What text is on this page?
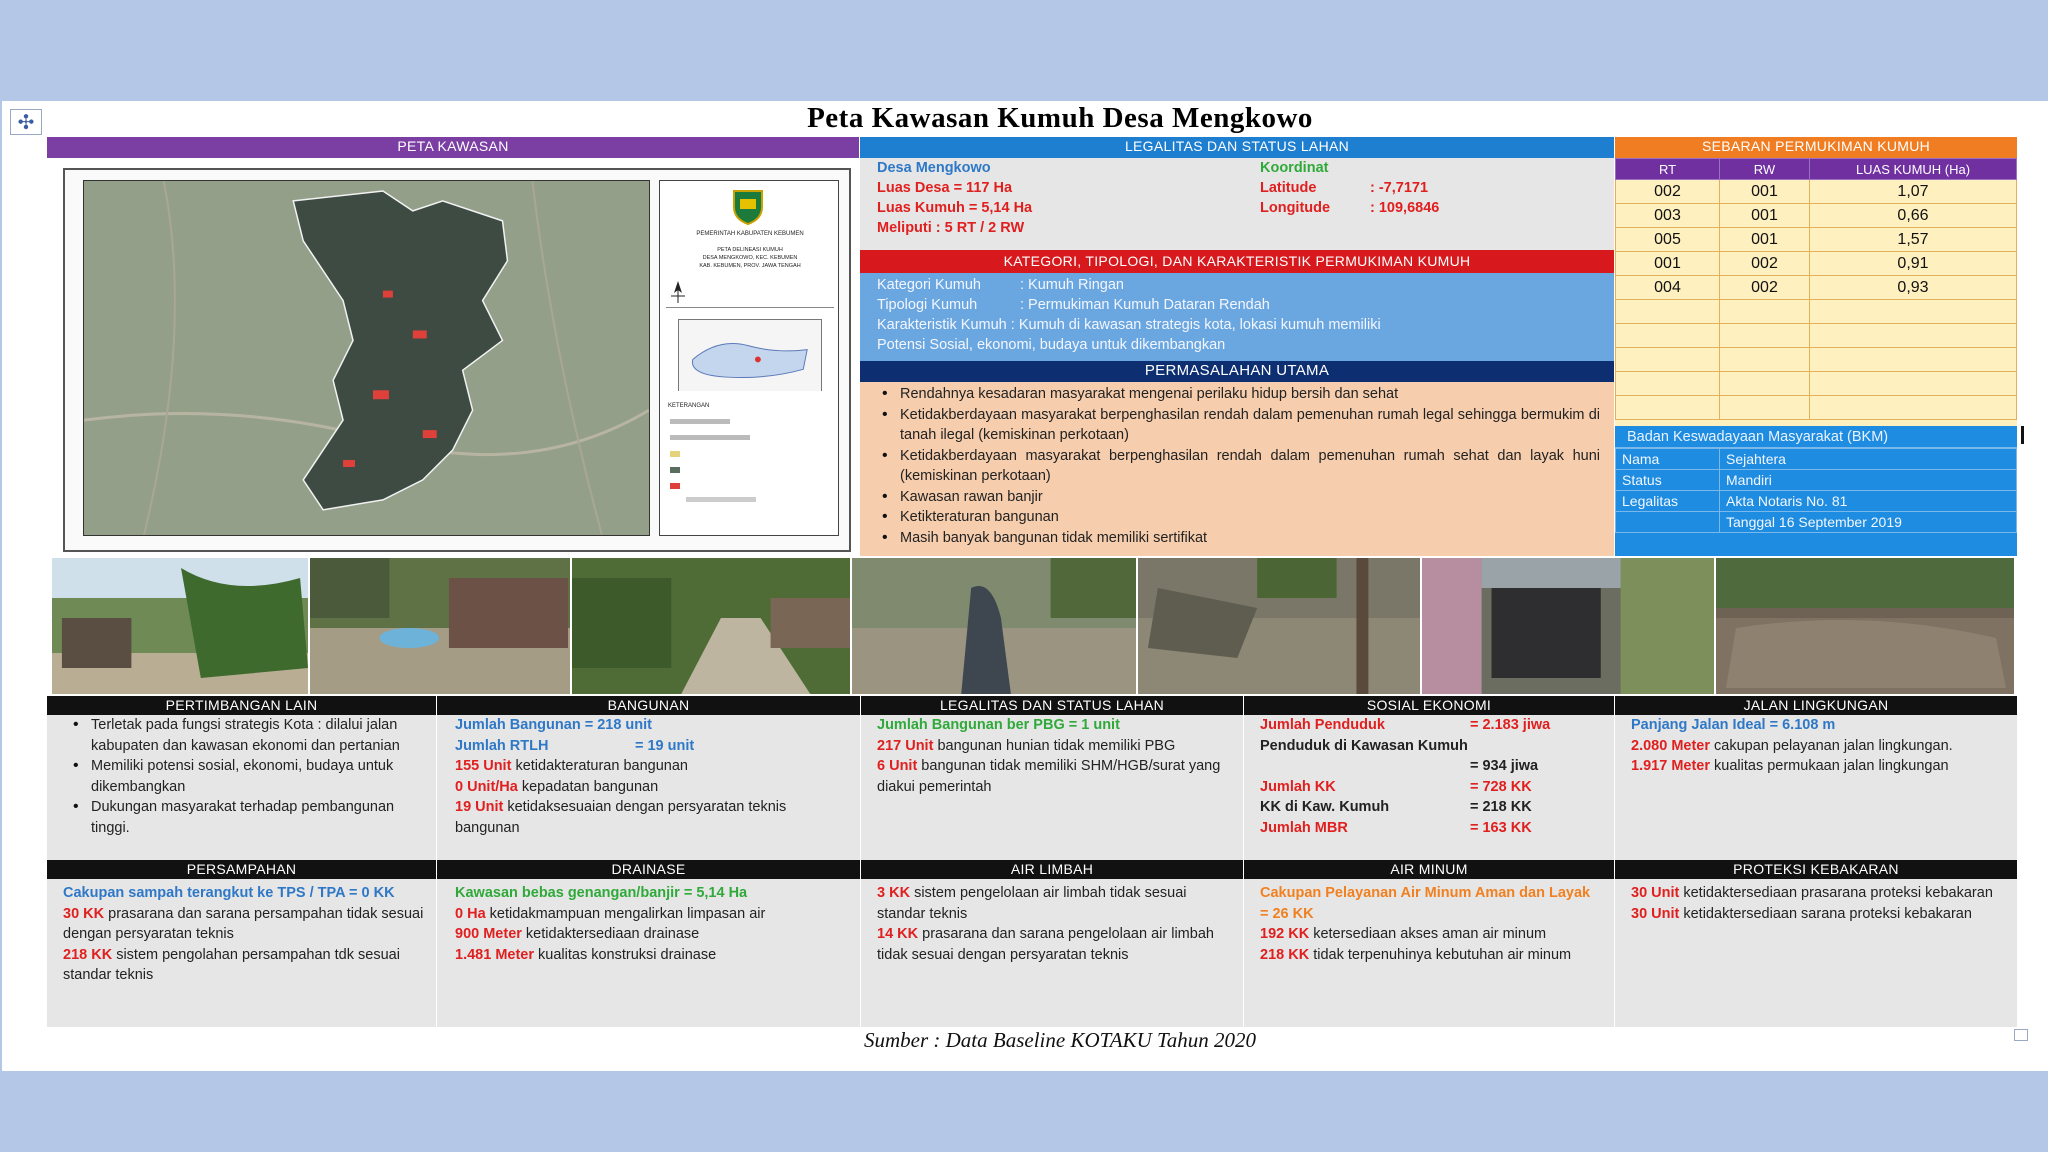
✣	Peta Kawasan Kumuh Desa Mengkowo
PETA KAWASAN
PEMERINTAH KABUPATEN KEBUMEN
PETA DELINEASI KUMUH
DESA MENGKOWO, KEC. KEBUMEN
KAB. KEBUMEN, PROV. JAWA TENGAH
KETERANGAN
LEGALITAS DAN STATUS LAHAN
Desa Mengkowo
Luas Desa = 117 Ha
Luas Kumuh = 5,14 Ha
Meliputi : 5 RT / 2 RW
Koordinat
Latitude	: -7,7171
Longitude	: 109,6846
KATEGORI, TIPOLOGI, DAN KARAKTERISTIK PERMUKIMAN KUMUH
Kategori Kumuh	: Kumuh Ringan
Tipologi Kumuh	: Permukiman Kumuh Dataran Rendah
Karakteristik Kumuh : Kumuh di kawasan strategis kota, lokasi kumuh memiliki
Potensi Sosial, ekonomi, budaya untuk dikembangkan
PERMASALAHAN UTAMA
• Rendahnya kesadaran masyarakat mengenai perilaku hidup bersih dan sehat
• Ketidakberdayaan masyarakat berpenghasilan rendah dalam pemenuhan rumah legal sehingga bermukim di tanah ilegal (kemiskinan perkotaan)
• Ketidakberdayaan masyarakat berpenghasilan rendah dalam pemenuhan rumah sehat dan layak huni (kemiskinan perkotaan)
• Kawasan rawan banjir
• Ketikteraturan bangunan
• Masih banyak bangunan tidak memiliki sertifikat
SEBARAN PERMUKIMAN KUMUH
RT	RW	LUAS KUMUH (Ha)
002	001	1,07
003	001	0,66
005	001	1,57
001	002	0,91
004	002	0,93

Badan Keswadayaan Masyarakat (BKM)
Nama	Sejahtera
Status	Mandiri
Legalitas	Akta Notaris No. 81
	Tanggal 16 September 2019
PERTIMBANGAN LAIN
• Terletak pada fungsi strategis Kota : dilalui jalan kabupaten dan kawasan ekonomi dan pertanian
• Memiliki potensi sosial, ekonomi, budaya untuk dikembangkan
• Dukungan masyarakat terhadap pembangunan tinggi.
BANGUNAN
Jumlah Bangunan = 218 unit
Jumlah RTLH	= 19 unit
155 Unit ketidakteraturan bangunan
0 Unit/Ha kepadatan bangunan
19 Unit ketidaksesuaian dengan persyaratan teknis bangunan
LEGALITAS DAN STATUS LAHAN
Jumlah Bangunan ber PBG = 1 unit
217 Unit bangunan hunian tidak memiliki PBG
6 Unit bangunan tidak memiliki SHM/HGB/surat yang diakui pemerintah
SOSIAL EKONOMI
Jumlah Penduduk	= 2.183 jiwa
Penduduk di Kawasan Kumuh
= 934 jiwa
Jumlah KK	= 728 KK
KK di Kaw. Kumuh	= 218 KK
Jumlah MBR	= 163 KK
JALAN LINGKUNGAN
Panjang Jalan Ideal = 6.108 m
2.080 Meter cakupan pelayanan jalan lingkungan.
1.917 Meter kualitas permukaan jalan lingkungan
PERSAMPAHAN
Cakupan sampah terangkut ke TPS / TPA = 0 KK
30 KK prasarana dan sarana persampahan tidak sesuai dengan persyaratan teknis
218 KK sistem pengolahan persampahan tdk sesuai standar teknis
DRAINASE
Kawasan bebas genangan/banjir = 5,14 Ha
0 Ha ketidakmampuan mengalirkan limpasan air
900 Meter ketidaktersediaan drainase
1.481 Meter kualitas konstruksi drainase
AIR LIMBAH
3 KK sistem pengelolaan air limbah tidak sesuai standar teknis
14 KK prasarana dan sarana pengelolaan air limbah tidak sesuai dengan persyaratan teknis
AIR MINUM
Cakupan Pelayanan Air Minum Aman dan Layak = 26 KK
192 KK ketersediaan akses aman air minum
218 KK tidak terpenuhinya kebutuhan air minum
PROTEKSI KEBAKARAN
30 Unit ketidaktersediaan prasarana proteksi kebakaran
30 Unit ketidaktersediaan sarana proteksi kebakaran
Sumber : Data Baseline KOTAKU Tahun 2020
